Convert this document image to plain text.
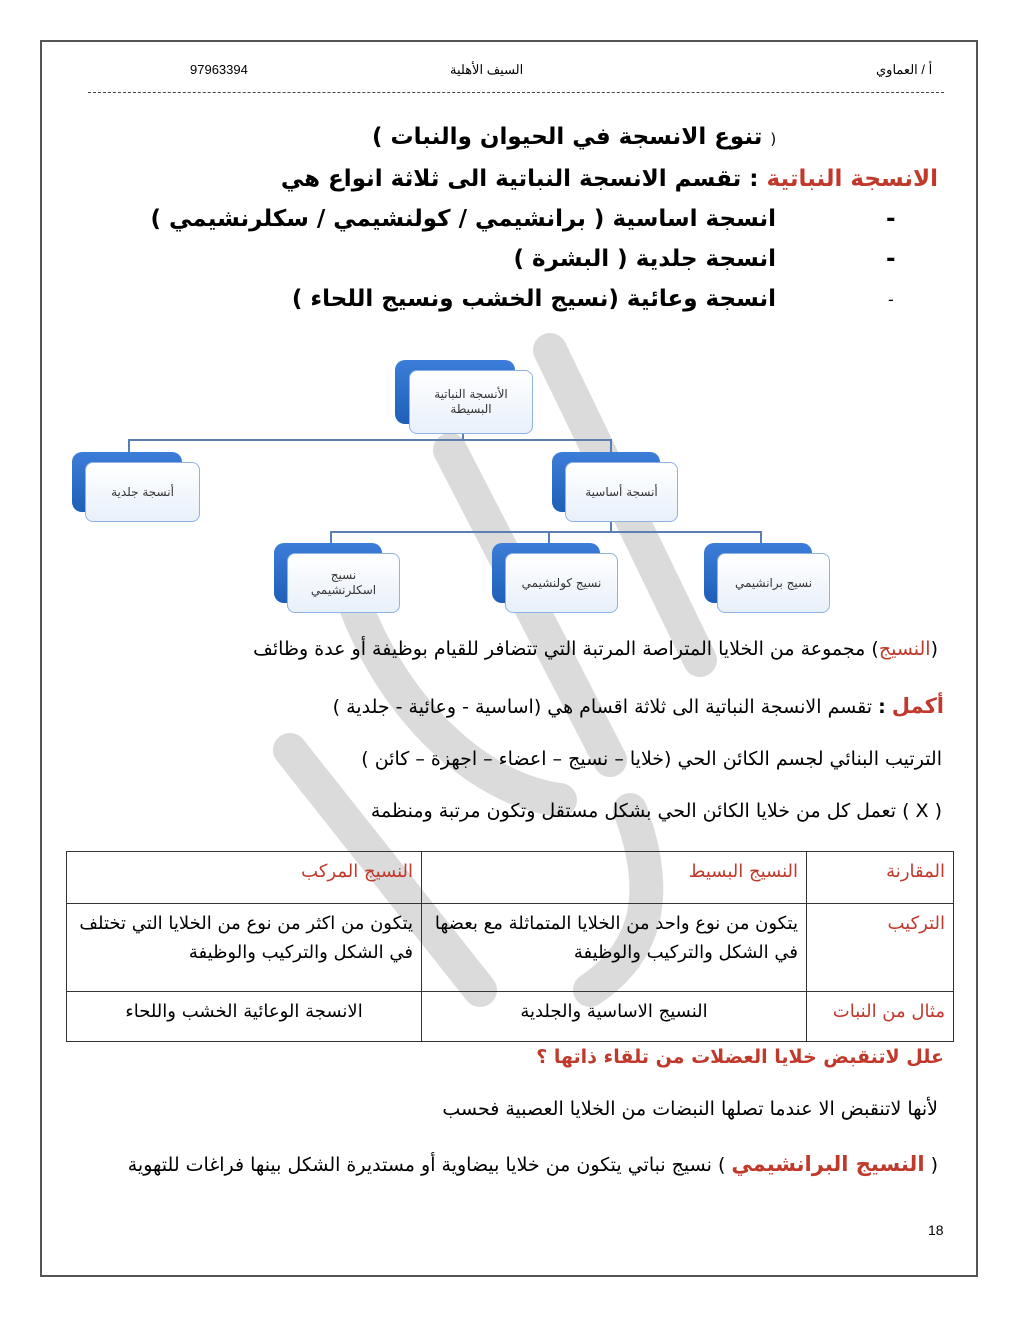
أ / العماوي
السيف الأهلية
97963394
( تنوع الانسجة في الحيوان والنبات )
الانسجة النباتية : تقسم الانسجة النباتية الى ثلاثة انواع هي
انسجة اساسية ( برانشيمي / كولنشيمي / سكلرنشيمي )	-
انسجة جلدية ( البشرة )	-
انسجة وعائية (نسيج الخشب ونسيج اللحاء )	-
الأنسجة النباتية البسيطة
أنسجة جلدية	أنسجة أساسية
نسيج اسكلرنشيمي
نسيج كولنشيمي	نسيج برانشيمي
(النسيج) مجموعة من الخلايا المتراصة المرتبة التي تتضافر للقيام بوظيفة أو عدة وظائف
أكمل : تقسم الانسجة النباتية الى ثلاثة اقسام هي (اساسية - وعائية - جلدية )
الترتيب البنائي لجسم الكائن الحي (خلايا – نسيج – اعضاء – اجهزة – كائن )
( X ) تعمل كل من خلايا الكائن الحي بشكل مستقل وتكون مرتبة ومنظمة
المقارنة	النسيج البسيط	النسيج المركب
التركيب	يتكون من نوع واحد من الخلايا المتماثلة مع بعضها في الشكل والتركيب والوظيفة	يتكون من اكثر من نوع من الخلايا التي تختلف في الشكل والتركيب والوظيفة
مثال من النبات	النسيج الاساسية والجلدية	الانسجة الوعائية الخشب واللحاء
علل لاتنقبض خلايا العضلات من تلقاء ذاتها ؟
لأنها لاتنقبض الا عندما تصلها النبضات من الخلايا العصبية فحسب
( النسيج البرانشيمي ) نسيج نباتي يتكون من خلايا بيضاوية أو مستديرة الشكل بينها فراغات للتهوية
18
